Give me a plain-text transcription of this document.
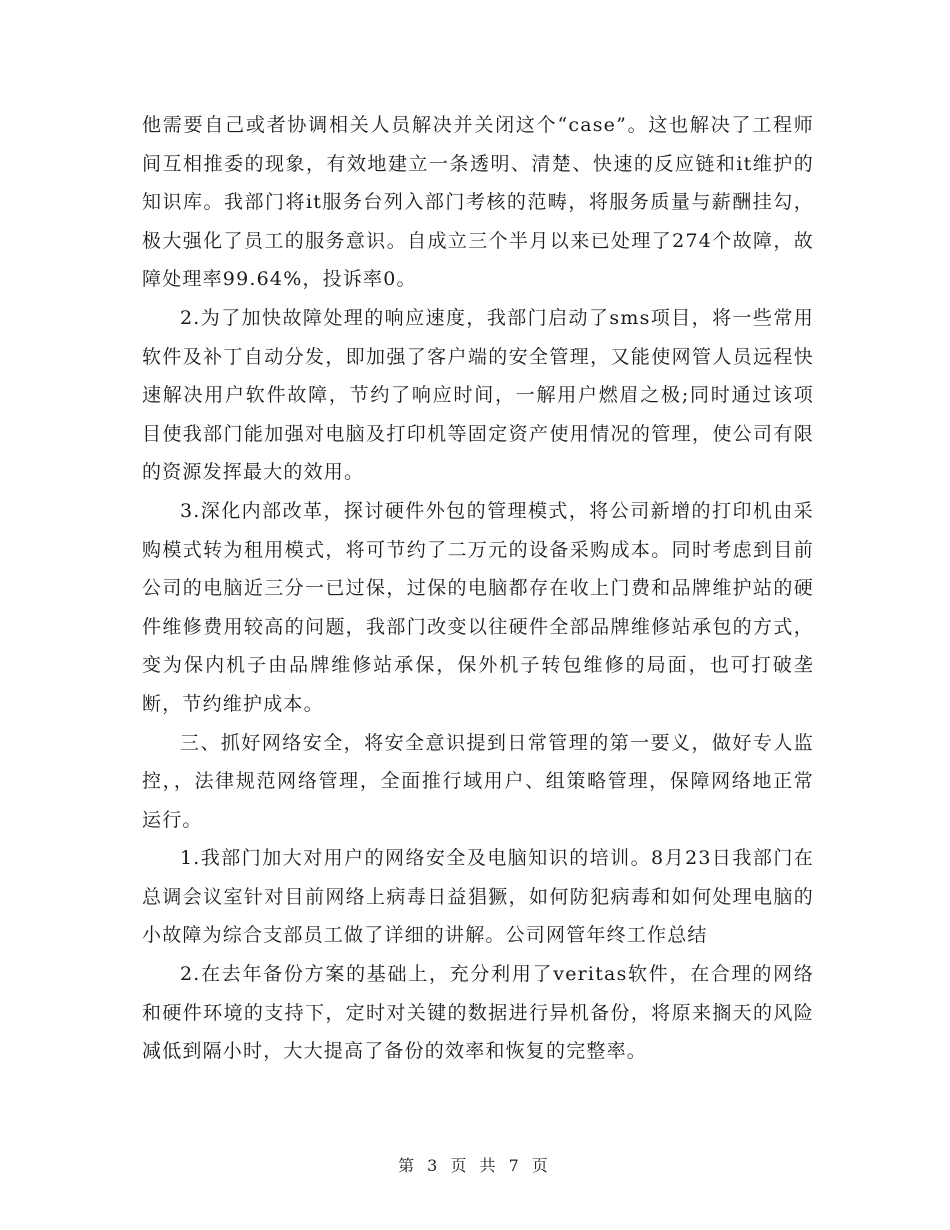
他需要自己或者协调相关人员解决并关闭这个“case”。这也解决了工程师间互相推委的现象，有效地建立一条透明、清楚、快速的反应链和it维护的知识库。我部门将it服务台列入部门考核的范畴，将服务质量与薪酬挂勾，极大强化了员工的服务意识。自成立三个半月以来已处理了274个故障，故障处理率99.64%，投诉率0。

2.为了加快故障处理的响应速度，我部门启动了sms项目，将一些常用软件及补丁自动分发，即加强了客户端的安全管理，又能使网管人员远程快速解决用户软件故障，节约了响应时间，一解用户燃眉之极;同时通过该项目使我部门能加强对电脑及打印机等固定资产使用情况的管理，使公司有限的资源发挥最大的效用。

3.深化内部改革，探讨硬件外包的管理模式，将公司新增的打印机由采购模式转为租用模式，将可节约了二万元的设备采购成本。同时考虑到目前公司的电脑近三分一已过保，过保的电脑都存在收上门费和品牌维护站的硬件维修费用较高的问题，我部门改变以往硬件全部品牌维修站承包的方式，变为保内机子由品牌维修站承保，保外机子转包维修的局面，也可打破垄断，节约维护成本。

三、抓好网络安全，将安全意识提到日常管理的第一要义，做好专人监控，，法律规范网络管理，全面推行域用户、组策略管理，保障网络地正常运行。

1.我部门加大对用户的网络安全及电脑知识的培训。8月23日我部门在总调会议室针对目前网络上病毒日益猖獗，如何防犯病毒和如何处理电脑的小故障为综合支部员工做了详细的讲解。公司网管年终工作总结

2.在去年备份方案的基础上，充分利用了veritas软件，在合理的网络和硬件环境的支持下，定时对关键的数据进行异机备份，将原来搁天的风险减低到隔小时，大大提高了备份的效率和恢复的完整率。

第 3 页 共 7 页
